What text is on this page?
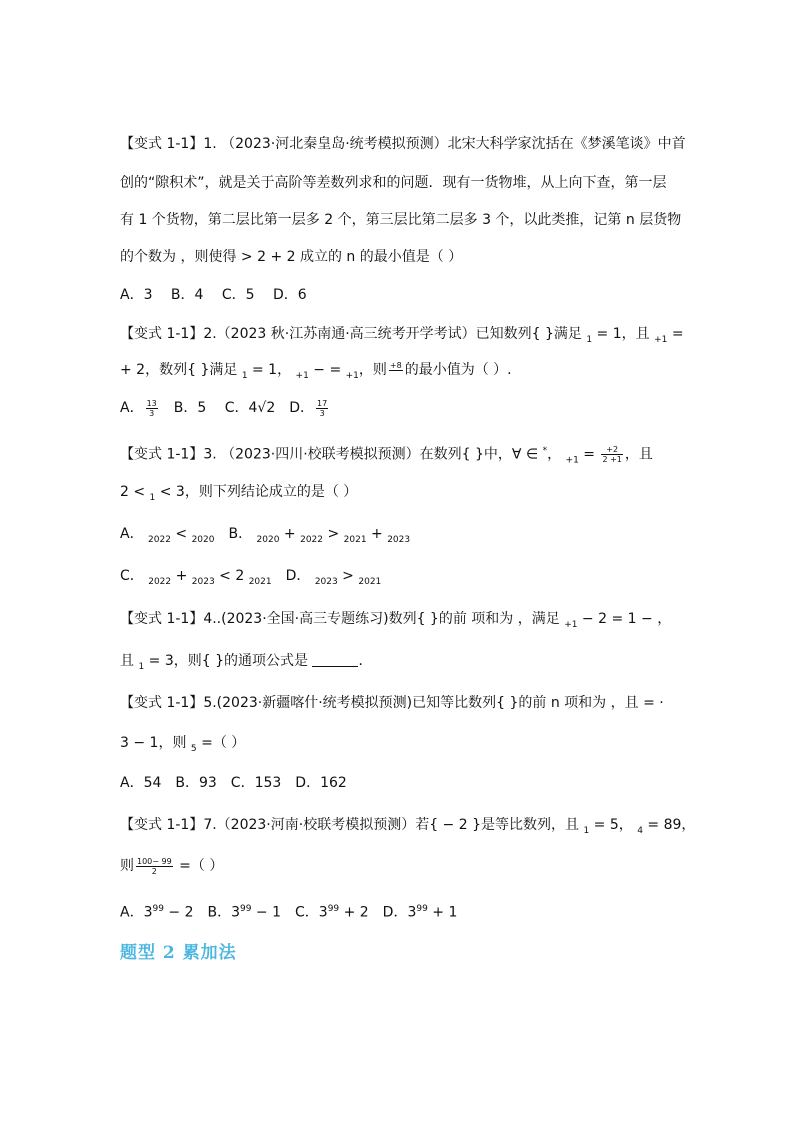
【变式 1-1】1. （2023·河北秦皇岛·统考模拟预测）北宋大科学家沈括在《梦溪笔谈》中首
创的“隙积术”，就是关于高阶等差数列求和的问题．现有一货物堆，从上向下查，第一层
有 1 个货物，第二层比第一层多 2 个，第三层比第二层多 3 个，以此类推，记第 n 层货物
的个数为 ，则使得 > 2 + 2 成立的 n 的最小值是（ ）
A．3　 B．4　 C．5　 D．6
【变式 1-1】2.（2023 秋·江苏南通·高三统考开学考试）已知数列{ }满足 $_1$ = 1，且 $_{+1}$ =
+ 2，数列{ }满足 $_1$ = 1， $_{+1}$ − = $_{+1}$，则 +8 的最小值为（ ）.
A． $\frac{13}{3}$ 　B．5　 C．4√2　D． $\frac{17}{3}$
【变式 1-1】3. （2023·四川·校联考模拟预测）在数列{ }中，∀ ∈ *， $_{+1} = \frac{+2}{2 +1}$ ，且
2 < $_1$ < 3，则下列结论成立的是（ ）
A． $_{2022}$ < $_{2020}$　B． $_{2020}$ + $_{2022}$ > $_{2021}$ + $_{2023}$
C． $_{2022}$ + $_{2023}$ < 2 $_{2021}$　D． $_{2023}$ > $_{2021}$
【变式 1-1】4..(2023·全国·高三专题练习)数列{ }的前 项和为 ，满足 $_{+1}$ − 2 = 1 − ，
且 $_1$ = 3，则{ }的通项公式是	．
【变式 1-1】5.(2023·新疆喀什·统考模拟预测)已知等比数列{ }的前 n 项和为 ，且 = ·
3 − 1，则 $_5$ =（ ）
A．54　B．93　C．153　D．162
【变式 1-1】7.（2023·河南·校联考模拟预测）若{ − 2 }是等比数列，且 $_1$ = 5， $_4$ = 89，
则 $\frac{100- 99}{2}$ =（ ）
A．$3^{99} - 2$　B．$3^{99} - 1$　C．$3^{99} + 2$　D．$3^{99} + 1$
题型 2 累加法
